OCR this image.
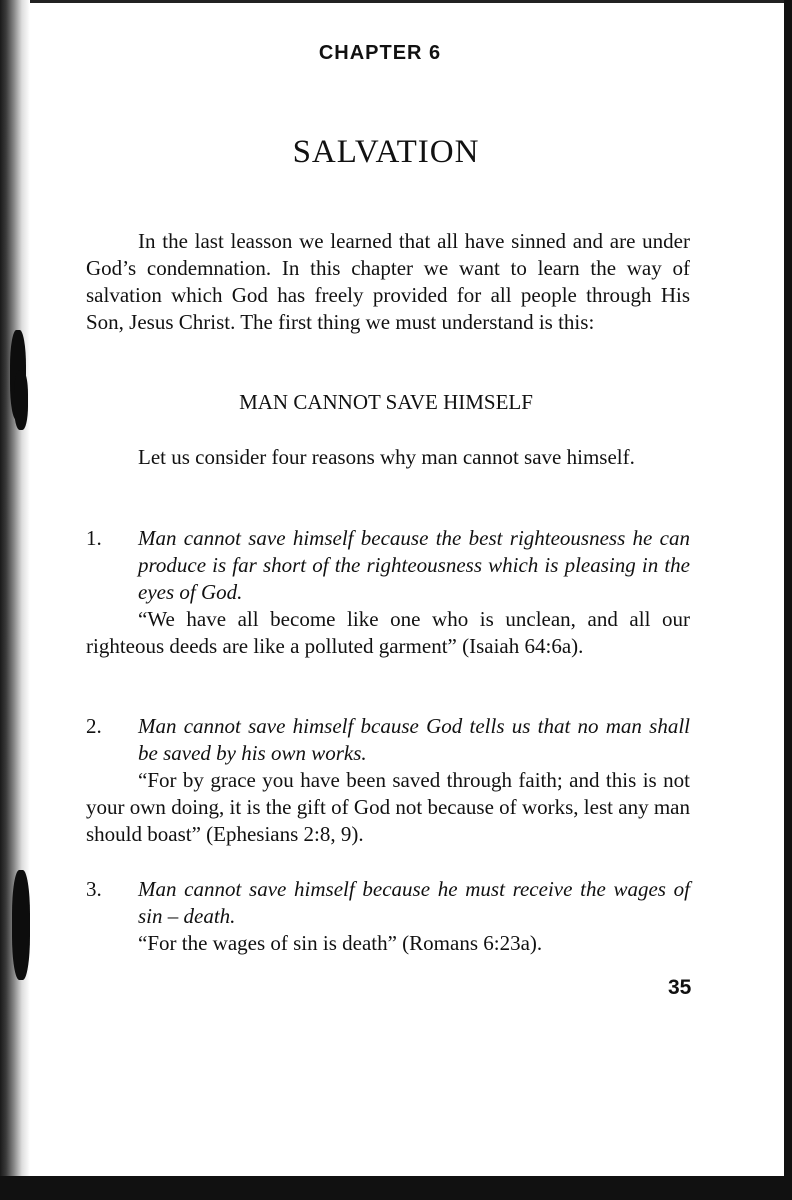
CHAPTER 6
SALVATION
In the last leasson we learned that all have sinned and are under God’s condemnation. In this chapter we want to learn the way of salvation which God has freely provided for all people through His Son, Jesus Christ. The first thing we must understand is this:
MAN CANNOT SAVE HIMSELF
Let us consider four reasons why man cannot save himself.
1. Man cannot save himself because the best righteousness he can produce is far short of the righteousness which is pleasing in the eyes of God.
“We have all become like one who is unclean, and all our righteous deeds are like a polluted garment” (Isaiah 64:6a).
2. Man cannot save himself bcause God tells us that no man shall be saved by his own works.
“For by grace you have been saved through faith; and this is not your own doing, it is the gift of God not because of works, lest any man should boast” (Ephesians 2:8, 9).
3. Man cannot save himself because he must receive the wages of sin – death.
“For the wages of sin is death” (Romans 6:23a).
35
